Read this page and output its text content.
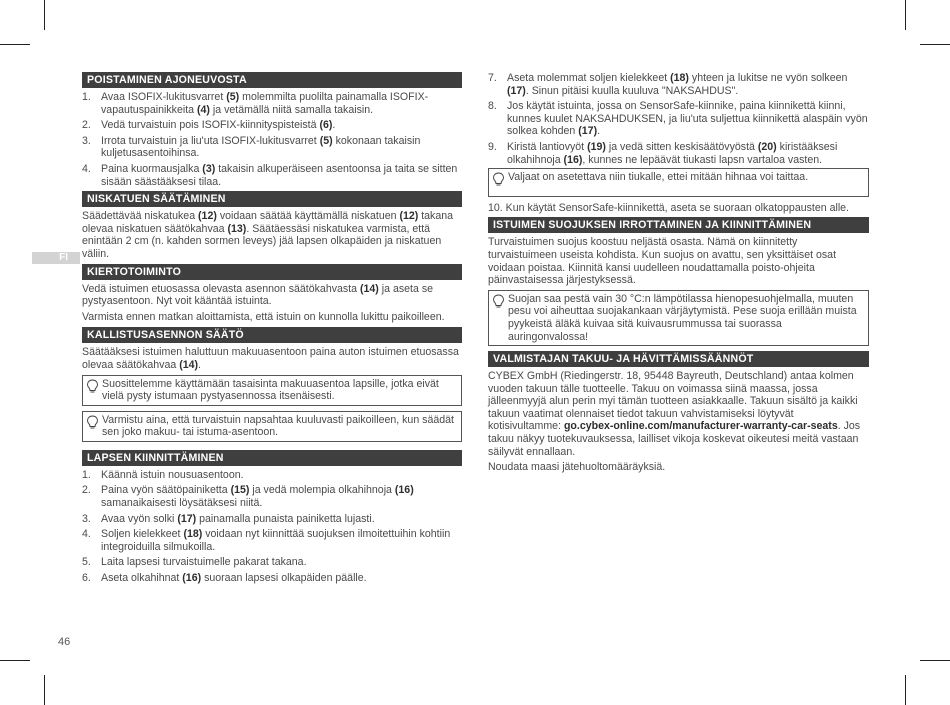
FI
POISTAMINEN AJONEUVOSTA
1. Avaa ISOFIX-lukitusvarret (5) molemmilta puolilta painamalla ISOFIX-vapautuspainikkeita (4) ja vetämällä niitä samalla takaisin.
2. Vedä turvaistuin pois ISOFIX-kiinnityspisteistä (6).
3. Irrota turvaistuin ja liu'uta ISOFIX-lukitusvarret (5) kokonaan takaisin kuljetusasentoihinsa.
4. Paina kuormausjalka (3) takaisin alkuperäiseen asentoonsa ja taita se sitten sisään säästääksesi tilaa.
NISKATUEN SÄÄTÄMINEN
Säädettävää niskatukea (12) voidaan säätää käyttämällä niskatuen (12) takana olevaa niskatuen säätökahvaa (13). Säätäessäsi niskatukea varmista, että enintään 2 cm (n. kahden sormen leveys) jää lapsen olkapäiden ja niskatuen väliin.
KIERTOTOIMINTO
Vedä istuimen etuosassa olevasta asennon säätökahvasta (14) ja aseta se pystyasentoon. Nyt voit kääntää istuinta.
Varmista ennen matkan aloittamista, että istuin on kunnolla lukittu paikoilleen.
KALLISTUSASENNON SÄÄTÖ
Säätääksesi istuimen haluttuun makuuasentoon paina auton istuimen etuosassa olevaa säätökahvaa (14).
Suosittelemme käyttämään tasaisinta makuuasentoa lapsille, jotka eivät vielä pysty istumaan pystyasennossa itsenäisesti.
Varmistu aina, että turvaistuin napsahtaa kuuluvasti paikoilleen, kun säädät sen joko makuu- tai istuma-asentoon.
LAPSEN KIINNITTÄMINEN
1. Käännä istuin nousuasentoon.
2. Paina vyön säätöpainiketta (15) ja vedä molempia olkahihnoja (16) samanaikaisesti löysätäksesi niitä.
3. Avaa vyön solki (17) painamalla punaista painiketta lujasti.
4. Soljen kielekkeet (18) voidaan nyt kiinnittää suojuksen ilmoitettuihin kohtiin integroiduilla silmukoilla.
5. Laita lapsesi turvaistuimelle pakarat takana.
6. Aseta olkahihnat (16) suoraan lapsesi olkapäiden päälle.
7. Aseta molemmat soljen kielekkeet (18) yhteen ja lukitse ne vyön solkeen (17). Sinun pitäisi kuulla kuuluva "NAKSAHDUS".
8. Jos käytät istuinta, jossa on SensorSafe-kiinnike, paina kiinnikettä kiinni, kunnes kuulet NAKSAHDUKSEN, ja liu'uta suljettua kiinnikettä alaspäin vyön solkea kohden (17).
9. Kiristä lantiovyöt (19) ja vedä sitten keskisäätövyöstä (20) kiristääksesi olkahihnoja (16), kunnes ne lepäävät tiukasti lapsn vartaloa vasten.
Valjaat on asetettava niin tiukalle, ettei mitään hihnaa voi taittaa.
10. Kun käytät SensorSafe-kiinnikettä, aseta se suoraan olkatoppausten alle.
ISTUIMEN SUOJUKSEN IRROTTAMINEN JA KIINNITTÄMINEN
Turvaistuimen suojus koostuu neljästä osasta. Nämä on kiinnitetty turvaistuimeen useista kohdista. Kun suojus on avattu, sen yksittäiset osat voidaan poistaa. Kiinnitä kansi uudelleen noudattamalla poisto-ohjeita päinvastaisessa järjestyksessä.
Suojan saa pestä vain 30 °C:n lämpötilassa hienopesuohjelmalla, muuten pesu voi aiheuttaa suojakankaan värjäytymistä. Pese suoja erillään muista pyykeistä äläkä kuivaa sitä kuivausrummussa tai suorassa auringonvalossa!
VALMISTAJAN TAKUU- JA HÄVITTÄMISSÄÄNNÖT
CYBEX GmbH (Riedingerstr. 18, 95448 Bayreuth, Deutschland) antaa kolmen vuoden takuun tälle tuotteelle. Takuu on voimassa siinä maassa, jossa jälleenmyyjä alun perin myi tämän tuotteen asiakkaalle. Takuun sisältö ja kaikki takuun vaatimat olennaiset tiedot takuun vahvistamiseksi löytyvät kotisivultamme: go.cybex-online.com/manufacturer-warranty-car-seats. Jos takuu näkyy tuotekuvauksessa, lailliset vikoja koskevat oikeutesi meitä vastaan säilyvät ennallaan.
Noudata maasi jätehuoltomääräyksiä.
46
